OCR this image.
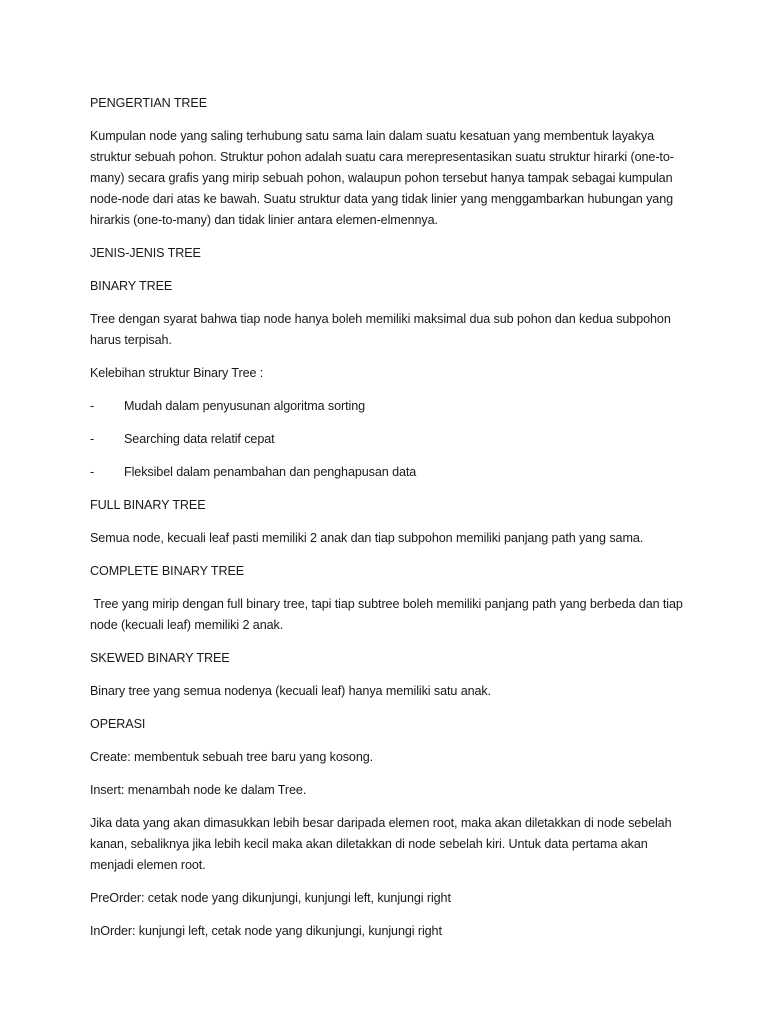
PENGERTIAN TREE

Kumpulan node yang saling terhubung satu sama lain dalam suatu kesatuan yang membentuk layakya struktur sebuah pohon. Struktur pohon adalah suatu cara merepresentasikan suatu struktur hirarki (one-to-many) secara grafis yang mirip sebuah pohon, walaupun pohon tersebut hanya tampak sebagai kumpulan node-node dari atas ke bawah. Suatu struktur data yang tidak linier yang menggambarkan hubungan yang hirarkis (one-to-many) dan tidak linier antara elemen-elmennya.

JENIS-JENIS TREE

BINARY TREE

Tree dengan syarat bahwa tiap node hanya boleh memiliki maksimal dua sub pohon dan kedua subpohon harus terpisah.

Kelebihan struktur Binary Tree :

-	Mudah dalam penyusunan algoritma sorting
-	Searching data relatif cepat
-	Fleksibel dalam penambahan dan penghapusan data

FULL BINARY TREE

Semua node, kecuali leaf pasti memiliki 2 anak dan tiap subpohon memiliki panjang path yang sama.

COMPLETE BINARY TREE

Tree yang mirip dengan full binary tree, tapi tiap subtree boleh memiliki panjang path yang berbeda dan tiap node (kecuali leaf) memiliki 2 anak.

SKEWED BINARY TREE

Binary tree yang semua nodenya (kecuali leaf) hanya memiliki satu anak.

OPERASI

Create: membentuk sebuah tree baru yang kosong.

Insert: menambah node ke dalam Tree.

Jika data yang akan dimasukkan lebih besar daripada elemen root, maka akan diletakkan di node sebelah kanan, sebaliknya jika lebih kecil maka akan diletakkan di node sebelah kiri. Untuk data pertama akan menjadi elemen root.

PreOrder: cetak node yang dikunjungi, kunjungi left, kunjungi right

InOrder: kunjungi left, cetak node yang dikunjungi, kunjungi right
